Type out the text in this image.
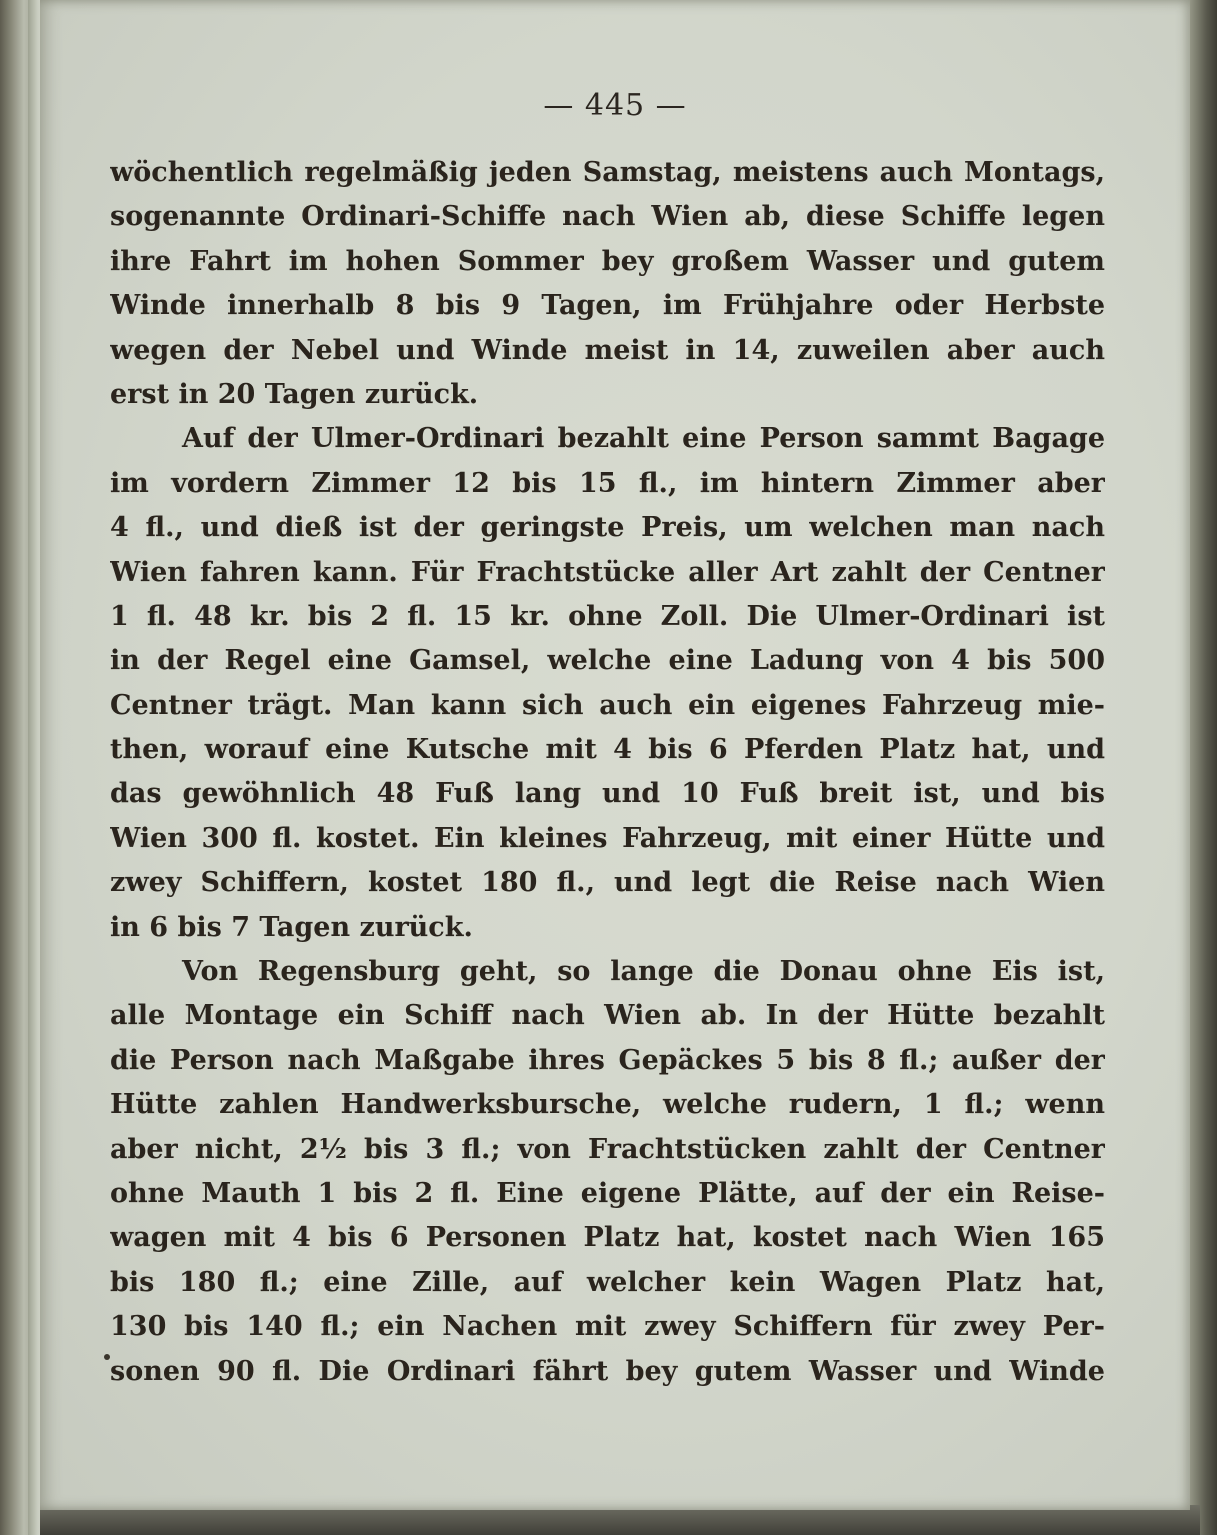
— 445 —
wöchentlich regelmäßig jeden Samstag, meistens auch Montags,
sogenannte Ordinari-Schiffe nach Wien ab, diese Schiffe legen
ihre Fahrt im hohen Sommer bey großem Wasser und gutem
Winde innerhalb 8 bis 9 Tagen, im Frühjahre oder Herbste
wegen der Nebel und Winde meist in 14, zuweilen aber auch
erst in 20 Tagen zurück.
Auf der Ulmer-Ordinari bezahlt eine Person sammt Bagage
im vordern Zimmer 12 bis 15 fl., im hintern Zimmer aber
4 fl., und dieß ist der geringste Preis, um welchen man nach
Wien fahren kann. Für Frachtstücke aller Art zahlt der Centner
1 fl. 48 kr. bis 2 fl. 15 kr. ohne Zoll. Die Ulmer-Ordinari ist
in der Regel eine Gamsel, welche eine Ladung von 4 bis 500
Centner trägt. Man kann sich auch ein eigenes Fahrzeug mie-
then, worauf eine Kutsche mit 4 bis 6 Pferden Platz hat, und
das gewöhnlich 48 Fuß lang und 10 Fuß breit ist, und bis
Wien 300 fl. kostet. Ein kleines Fahrzeug, mit einer Hütte und
zwey Schiffern, kostet 180 fl., und legt die Reise nach Wien
in 6 bis 7 Tagen zurück.
Von Regensburg geht, so lange die Donau ohne Eis ist,
alle Montage ein Schiff nach Wien ab. In der Hütte bezahlt
die Person nach Maßgabe ihres Gepäckes 5 bis 8 fl.; außer der
Hütte zahlen Handwerksbursche, welche rudern, 1 fl.; wenn
aber nicht, 2½ bis 3 fl.; von Frachtstücken zahlt der Centner
ohne Mauth 1 bis 2 fl. Eine eigene Plätte, auf der ein Reise-
wagen mit 4 bis 6 Personen Platz hat, kostet nach Wien 165
bis 180 fl.; eine Zille, auf welcher kein Wagen Platz hat,
130 bis 140 fl.; ein Nachen mit zwey Schiffern für zwey Per-
sonen 90 fl. Die Ordinari fährt bey gutem Wasser und Winde
